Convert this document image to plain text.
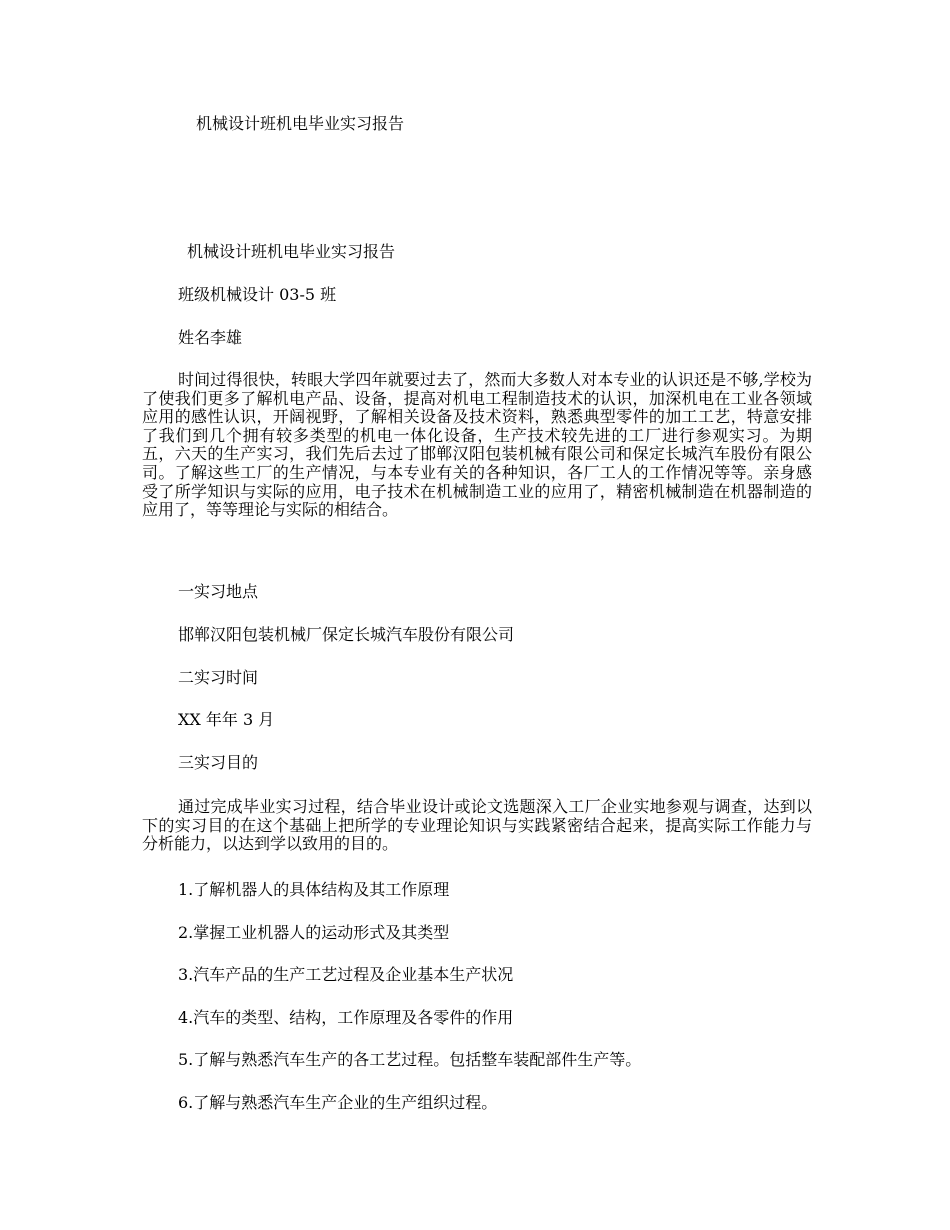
机械设计班机电毕业实习报告
机械设计班机电毕业实习报告
班级机械设计 03-5 班
姓名李雄
时间过得很快，转眼大学四年就要过去了，然而大多数人对本专业的认识还是不够,学校为了使我们更多了解机电产品、设备，提高对机电工程制造技术的认识，加深机电在工业各领域应用的感性认识，开阔视野，了解相关设备及技术资料，熟悉典型零件的加工工艺，特意安排了我们到几个拥有较多类型的机电一体化设备，生产技术较先进的工厂进行参观实习。为期五，六天的生产实习，我们先后去过了邯郸汉阳包装机械有限公司和保定长城汽车股份有限公司。了解这些工厂的生产情况，与本专业有关的各种知识，各厂工人的工作情况等等。亲身感受了所学知识与实际的应用，电子技术在机械制造工业的应用了，精密机械制造在机器制造的应用了，等等理论与实际的相结合。
一实习地点
邯郸汉阳包装机械厂保定长城汽车股份有限公司
二实习时间
XX 年年 3 月
三实习目的
通过完成毕业实习过程，结合毕业设计或论文选题深入工厂企业实地参观与调查，达到以下的实习目的在这个基础上把所学的专业理论知识与实践紧密结合起来，提高实际工作能力与分析能力，以达到学以致用的目的。
1.了解机器人的具体结构及其工作原理
2.掌握工业机器人的运动形式及其类型
3.汽车产品的生产工艺过程及企业基本生产状况
4.汽车的类型、结构，工作原理及各零件的作用
5.了解与熟悉汽车生产的各工艺过程。包括整车装配部件生产等。
6.了解与熟悉汽车生产企业的生产组织过程。
